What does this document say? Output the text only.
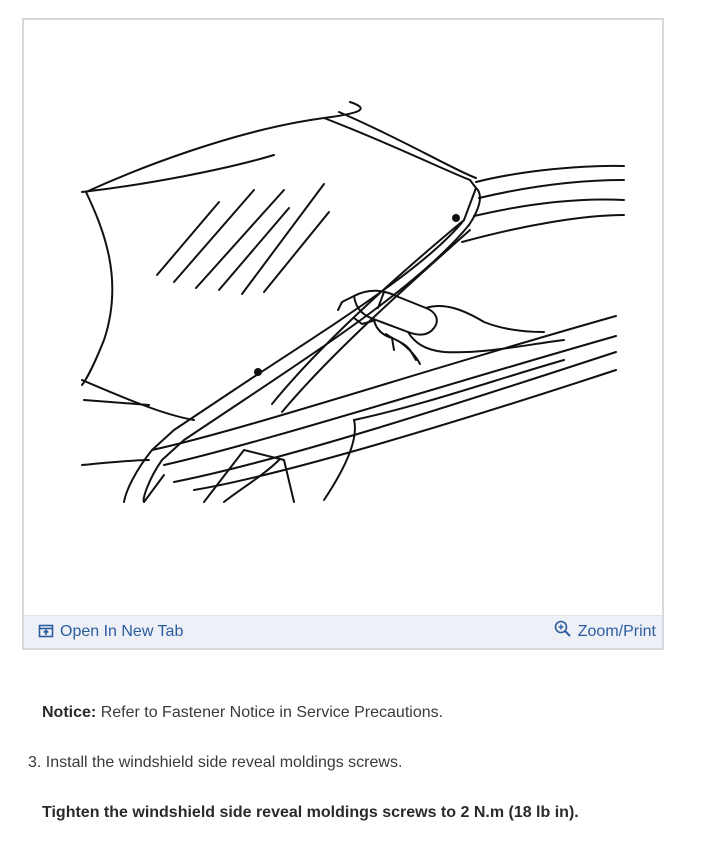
Open In New Tab	Zoom/Print
Notice: Refer to Fastener Notice in Service Precautions.
3. Install the windshield side reveal moldings screws.
Tighten the windshield side reveal moldings screws to 2 N.m (18 lb in).
